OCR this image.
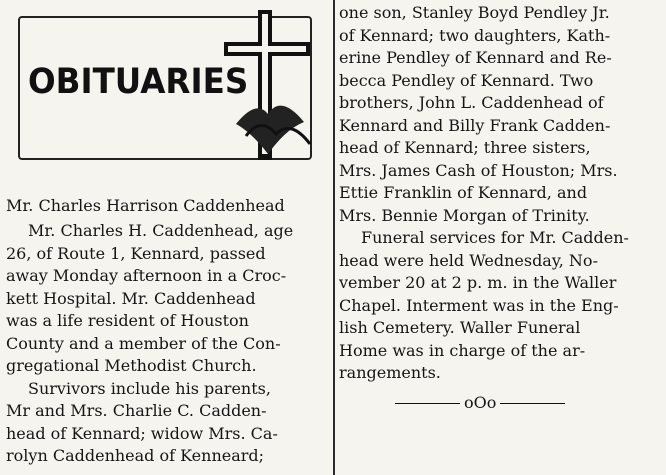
OBITUARIES
Mr. Charles Harrison Caddenhead
Mr. Charles H. Caddenhead, age
26, of Route 1, Kennard, passed
away Monday afternoon in a Croc-
kett Hospital. Mr. Caddenhead
was a life resident of Houston
County and a member of the Con-
gregational Methodist Church.
Survivors include his parents,
Mr and Mrs. Charlie C. Cadden-
head of Kennard; widow Mrs. Ca-
rolyn Caddenhead of Kenneard;
one son, Stanley Boyd Pendley Jr.
of Kennard; two daughters, Kath-
erine Pendley of Kennard and Re-
becca Pendley of Kennard. Two
brothers, John L. Caddenhead of
Kennard and Billy Frank Cadden-
head of Kennard; three sisters,
Mrs. James Cash of Houston; Mrs.
Ettie Franklin of Kennard, and
Mrs. Bennie Morgan of Trinity.
Funeral services for Mr. Cadden-
head were held Wednesday, No-
vember 20 at 2 p. m. in the Waller
Chapel. Interment was in the Eng-
lish Cemetery. Waller Funeral
Home was in charge of the ar-
rangements.
oOo
